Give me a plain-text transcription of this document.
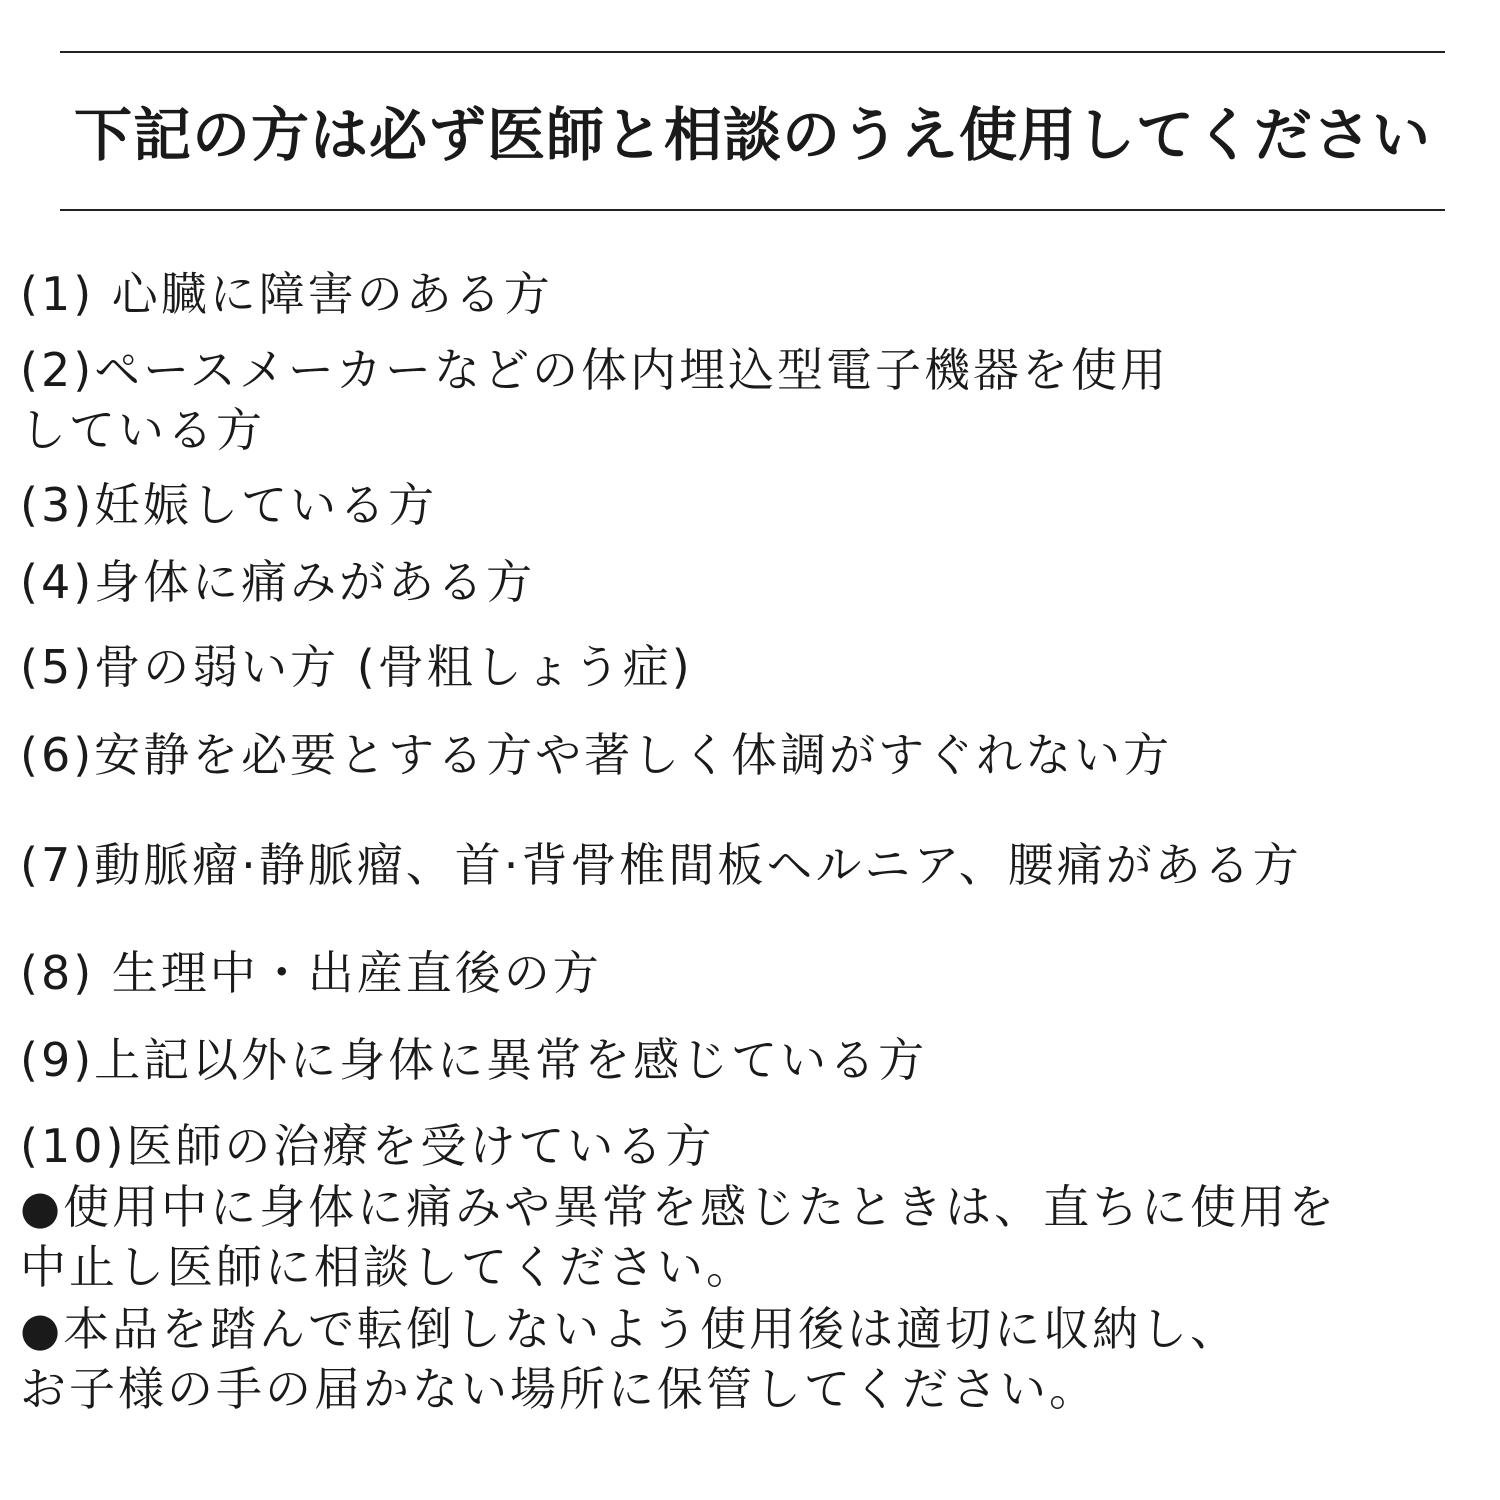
下記の方は必ず医師と相談のうえ使用してください
(1) 心臓に障害のある方
(2)ペースメーカーなどの体内埋込型電子機器を使用
している方
(3)妊娠している方
(4)身体に痛みがある方
(5)骨の弱い方 (骨粗しょう症)
(6)安静を必要とする方や著しく体調がすぐれない方
(7)動脈瘤·静脈瘤、首·背骨椎間板ヘルニア、腰痛がある方
(8) 生理中・出産直後の方
(9)上記以外に身体に異常を感じている方
(10)医師の治療を受けている方
●使用中に身体に痛みや異常を感じたときは、直ちに使用を
中止し医師に相談してください。
●本品を踏んで転倒しないよう使用後は適切に収納し、
お子様の手の届かない場所に保管してください。
